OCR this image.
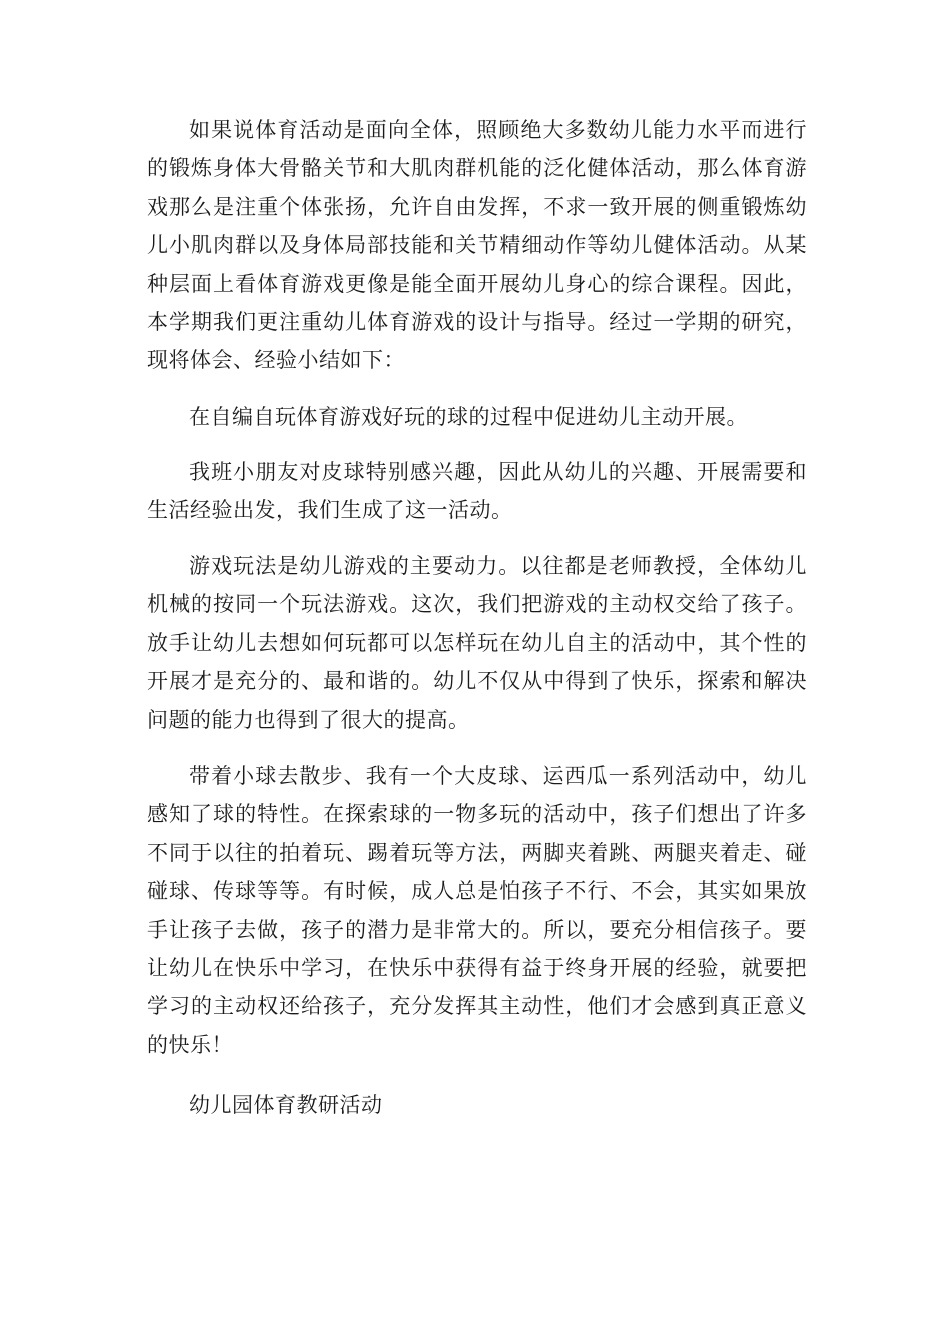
如果说体育活动是面向全体，照顾绝大多数幼儿能力水平而进行的锻炼身体大骨骼关节和大肌肉群机能的泛化健体活动，那么体育游戏那么是注重个体张扬，允许自由发挥，不求一致开展的侧重锻炼幼儿小肌肉群以及身体局部技能和关节精细动作等幼儿健体活动。从某种层面上看体育游戏更像是能全面开展幼儿身心的综合课程。因此，本学期我们更注重幼儿体育游戏的设计与指导。经过一学期的研究，现将体会、经验小结如下：

在自编自玩体育游戏好玩的球的过程中促进幼儿主动开展。

我班小朋友对皮球特别感兴趣，因此从幼儿的兴趣、开展需要和生活经验出发，我们生成了这一活动。

游戏玩法是幼儿游戏的主要动力。以往都是老师教授，全体幼儿机械的按同一个玩法游戏。这次，我们把游戏的主动权交给了孩子。放手让幼儿去想如何玩都可以怎样玩在幼儿自主的活动中，其个性的开展才是充分的、最和谐的。幼儿不仅从中得到了快乐，探索和解决问题的能力也得到了很大的提高。

带着小球去散步、我有一个大皮球、运西瓜一系列活动中，幼儿感知了球的特性。在探索球的一物多玩的活动中，孩子们想出了许多不同于以往的拍着玩、踢着玩等方法，两脚夹着跳、两腿夹着走、碰碰球、传球等等。有时候，成人总是怕孩子不行、不会，其实如果放手让孩子去做，孩子的潜力是非常大的。所以，要充分相信孩子。要让幼儿在快乐中学习，在快乐中获得有益于终身开展的经验，就要把学习的主动权还给孩子，充分发挥其主动性，他们才会感到真正意义的快乐！

幼儿园体育教研活动
